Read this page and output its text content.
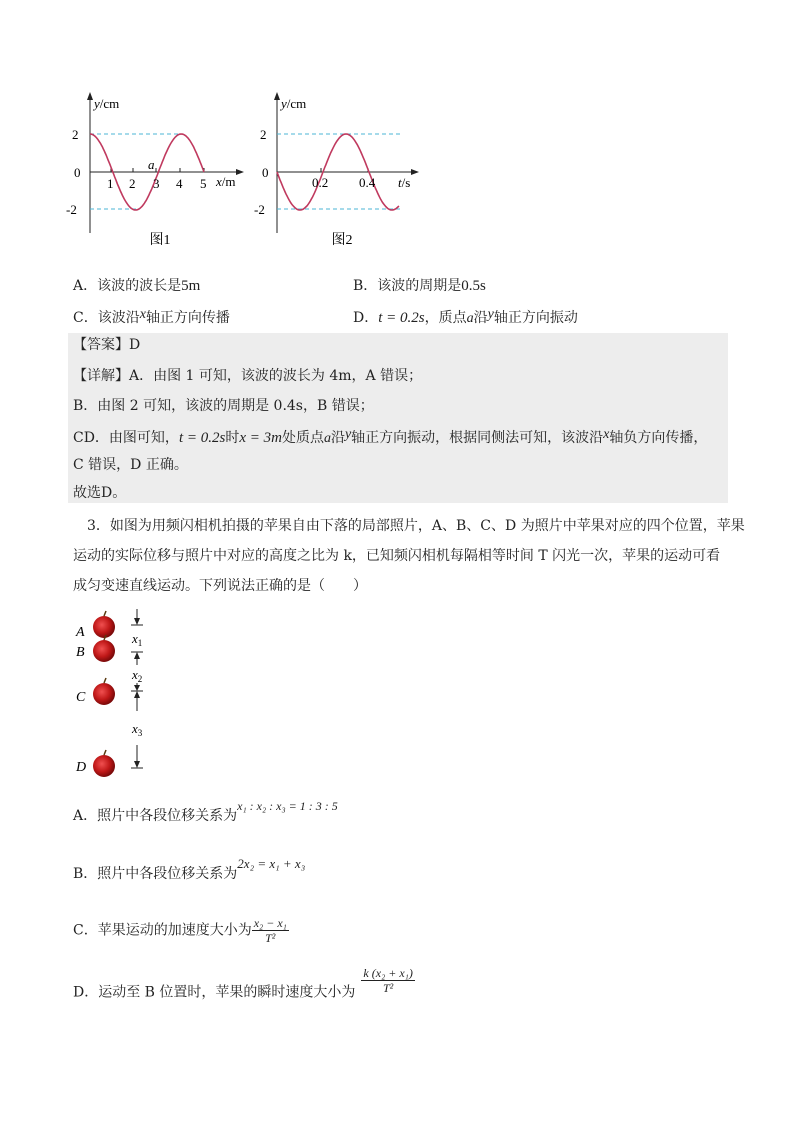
y/cm
2
0
-2
1 2 3 4 5
a
x/m
图1
y/cm
2
0
-2
0.2 0.4 t/s
图2
A．该波的波长是5m	B．该波的周期是0.5s
C．该波沿x轴正方向传播	D．t = 0.2s，质点a沿y轴正方向振动
【答案】D
【详解】A．由图 1 可知，该波的波长为 4m，A 错误；
B．由图 2 可知，该波的周期是 0.4s，B 错误；
CD．由图可知，t = 0.2s时x = 3m处质点a沿y轴正方向振动，根据同侧法可知，该波沿x轴负方向传播，
C 错误，D 正确。
故选D。
3．如图为用频闪相机拍摄的苹果自由下落的局部照片，A、B、C、D 为照片中苹果对应的四个位置，苹果
运动的实际位移与照片中对应的高度之比为 k，已知频闪相机每隔相等时间 T 闪光一次，苹果的运动可看
成匀变速直线运动。下列说法正确的是（　　）
A
B
C
D
$x_1$
$x_2$
$x_3$
A．照片中各段位移关系为x₁ : x₂ : x₃ = 1 : 3 : 5
B．照片中各段位移关系为2x₂ = x₁ + x₃
C．苹果运动的加速度大小为 $\frac{\text{x₂ − x₁}}{\text{T²}}$
D．运动至 B 位置时，苹果的瞬时速度大小为 $\frac{\text{k (x₂ + x₁)}}{\text{T²}}$
